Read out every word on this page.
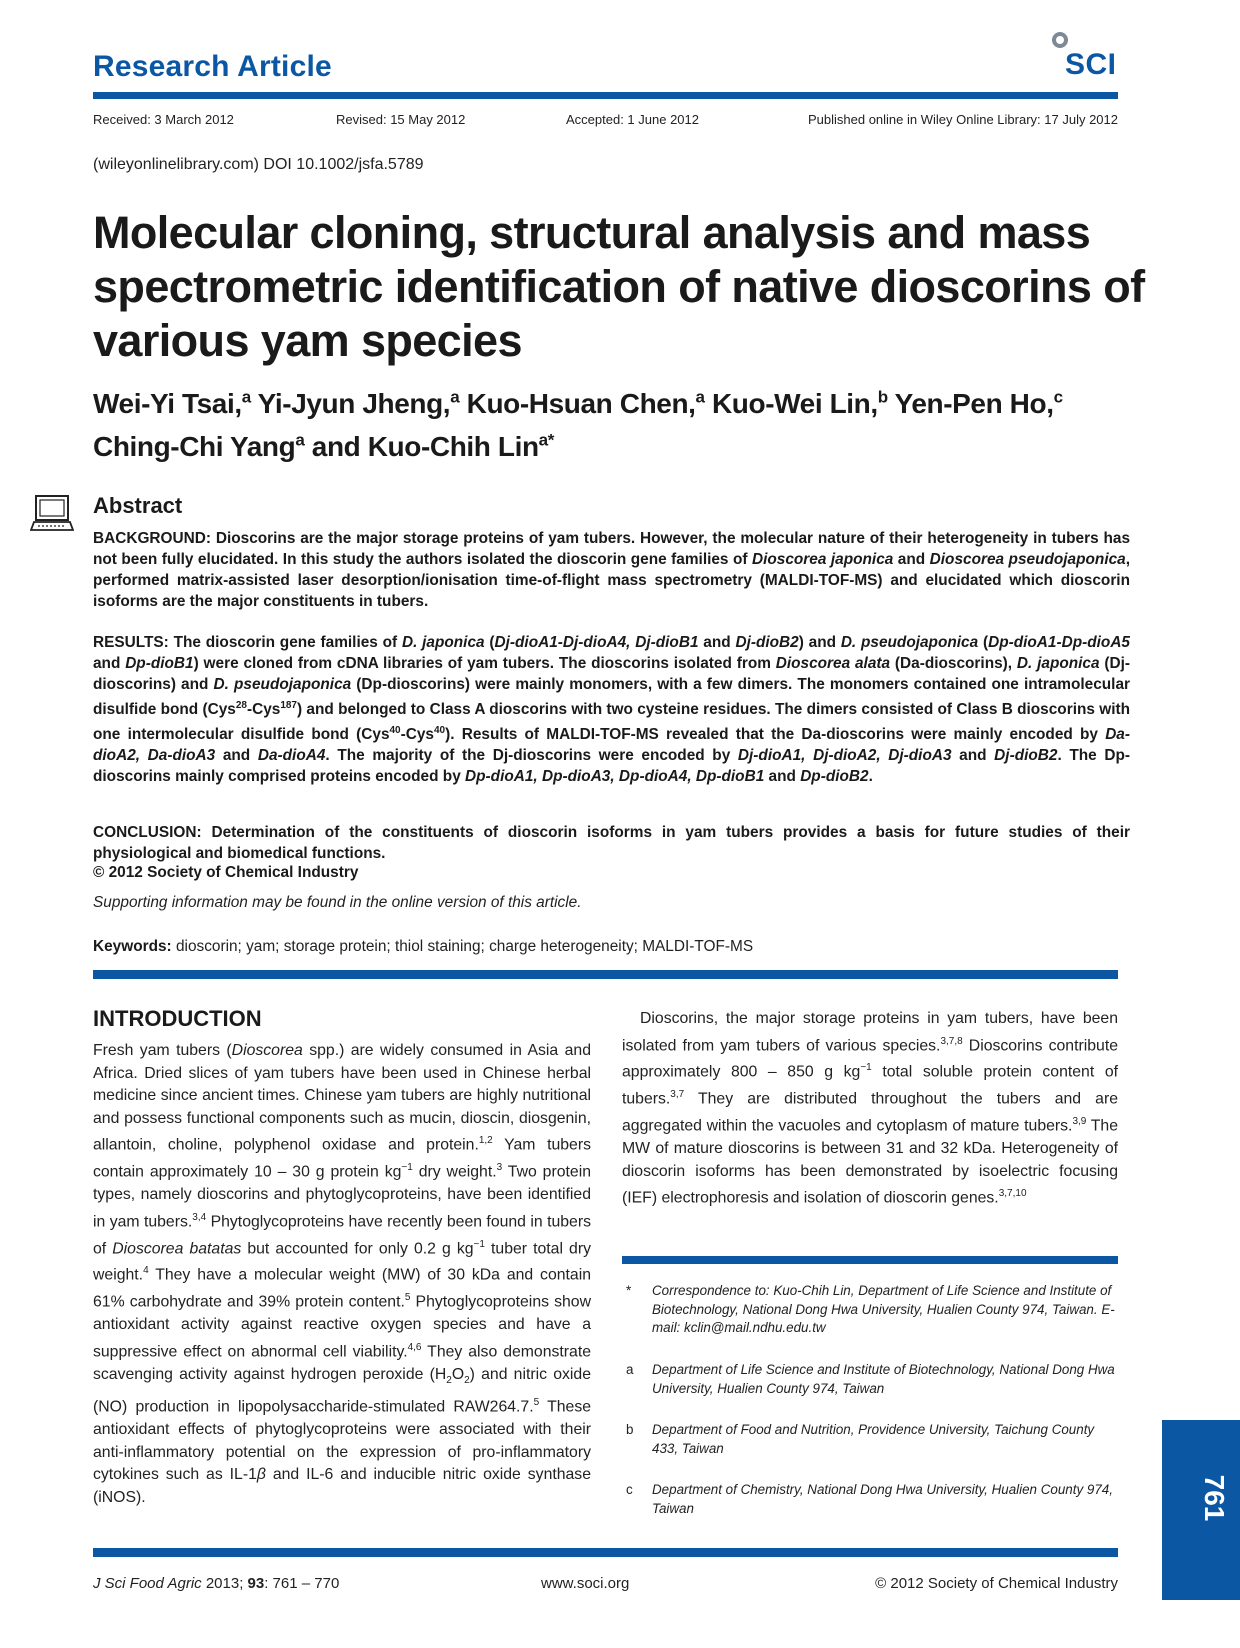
Research Article	SCI
Received: 3 March 2012	Revised: 15 May 2012	Accepted: 1 June 2012	Published online in Wiley Online Library: 17 July 2012
(wileyonlinelibrary.com) DOI 10.1002/jsfa.5789
Molecular cloning, structural analysis and mass spectrometric identification of native dioscorins of various yam species
Wei-Yi Tsai,$^a$ Yi-Jyun Jheng,$^a$ Kuo-Hsuan Chen,$^a$ Kuo-Wei Lin,$^b$ Yen-Pen Ho,$^c$
Ching-Chi Yang$^a$ and Kuo-Chih Lin$^{a*}$
Abstract
BACKGROUND: Dioscorins are the major storage proteins of yam tubers. However, the molecular nature of their heterogeneity in tubers has not been fully elucidated. In this study the authors isolated the dioscorin gene families of Dioscorea japonica and Dioscorea pseudojaponica, performed matrix-assisted laser desorption/ionisation time-of-flight mass spectrometry (MALDI-TOF-MS) and elucidated which dioscorin isoforms are the major constituents in tubers.
RESULTS: The dioscorin gene families of D. japonica (Dj-dioA1-Dj-dioA4, Dj-dioB1 and Dj-dioB2) and D. pseudojaponica (Dp-dioA1-Dp-dioA5 and Dp-dioB1) were cloned from cDNA libraries of yam tubers. The dioscorins isolated from Dioscorea alata (Da-dioscorins), D. japonica (Dj-dioscorins) and D. pseudojaponica (Dp-dioscorins) were mainly monomers, with a few dimers. The monomers contained one intramolecular disulfide bond (Cys$^{28}$-Cys$^{187}$) and belonged to Class A dioscorins with two cysteine residues. The dimers consisted of Class B dioscorins with one intermolecular disulfide bond (Cys$^{40}$-Cys$^{40}$). Results of MALDI-TOF-MS revealed that the Da-dioscorins were mainly encoded by Da-dioA2, Da-dioA3 and Da-dioA4. The majority of the Dj-dioscorins were encoded by Dj-dioA1, Dj-dioA2, Dj-dioA3 and Dj-dioB2. The Dp-dioscorins mainly comprised proteins encoded by Dp-dioA1, Dp-dioA3, Dp-dioA4, Dp-dioB1 and Dp-dioB2.
CONCLUSION: Determination of the constituents of dioscorin isoforms in yam tubers provides a basis for future studies of their physiological and biomedical functions.
© 2012 Society of Chemical Industry
Supporting information may be found in the online version of this article.
Keywords: dioscorin; yam; storage protein; thiol staining; charge heterogeneity; MALDI-TOF-MS
INTRODUCTION
Fresh yam tubers (Dioscorea spp.) are widely consumed in Asia and Africa. Dried slices of yam tubers have been used in Chinese herbal medicine since ancient times. Chinese yam tubers are highly nutritional and possess functional components such as mucin, dioscin, diosgenin, allantoin, choline, polyphenol oxidase and protein.$^{1,2}$ Yam tubers contain approximately 10 – 30 g protein $kg^{-1}$ dry weight.$^3$ Two protein types, namely dioscorins and phytoglycoproteins, have been identified in yam tubers.$^{3,4}$ Phytoglycoproteins have recently been found in tubers of Dioscorea batatas but accounted for only 0.2 g $kg^{-1}$ tuber total dry weight.$^4$ They have a molecular weight (MW) of 30 kDa and contain 61% carbohydrate and 39% protein content.$^5$ Phytoglycoproteins show antioxidant activity against reactive oxygen species and have a suppressive effect on abnormal cell viability.$^{4,6}$ They also demonstrate scavenging activity against hydrogen peroxide $(H_2O_2)$ and nitric oxide (NO) production in lipopolysaccharide-stimulated RAW264.7.$^5$ These antioxidant effects of phytoglycoproteins were associated with their anti-inflammatory potential on the expression of pro-inflammatory cytokines such as IL-1β and IL-6 and inducible nitric oxide synthase (iNOS).
Dioscorins, the major storage proteins in yam tubers, have been isolated from yam tubers of various species.$^{3,7,8}$ Dioscorins contribute approximately 800 – 850 g $kg^{-1}$ total soluble protein content of tubers.$^{3,7}$ They are distributed throughout the tubers and are aggregated within the vacuoles and cytoplasm of mature tubers.$^{3,9}$ The MW of mature dioscorins is between 31 and 32 kDa. Heterogeneity of dioscorin isoforms has been demonstrated by isoelectric focusing (IEF) electrophoresis and isolation of dioscorin genes.$^{3,7,10}$
* Correspondence to: Kuo-Chih Lin, Department of Life Science and Institute of Biotechnology, National Dong Hwa University, Hualien County 974, Taiwan. E-mail: kclin@mail.ndhu.edu.tw
a Department of Life Science and Institute of Biotechnology, National Dong Hwa University, Hualien County 974, Taiwan
b Department of Food and Nutrition, Providence University, Taichung County 433, Taiwan
c Department of Chemistry, National Dong Hwa University, Hualien County 974, Taiwan	761
J Sci Food Agric 2013; 93: 761 – 770	www.soci.org	© 2012 Society of Chemical Industry
